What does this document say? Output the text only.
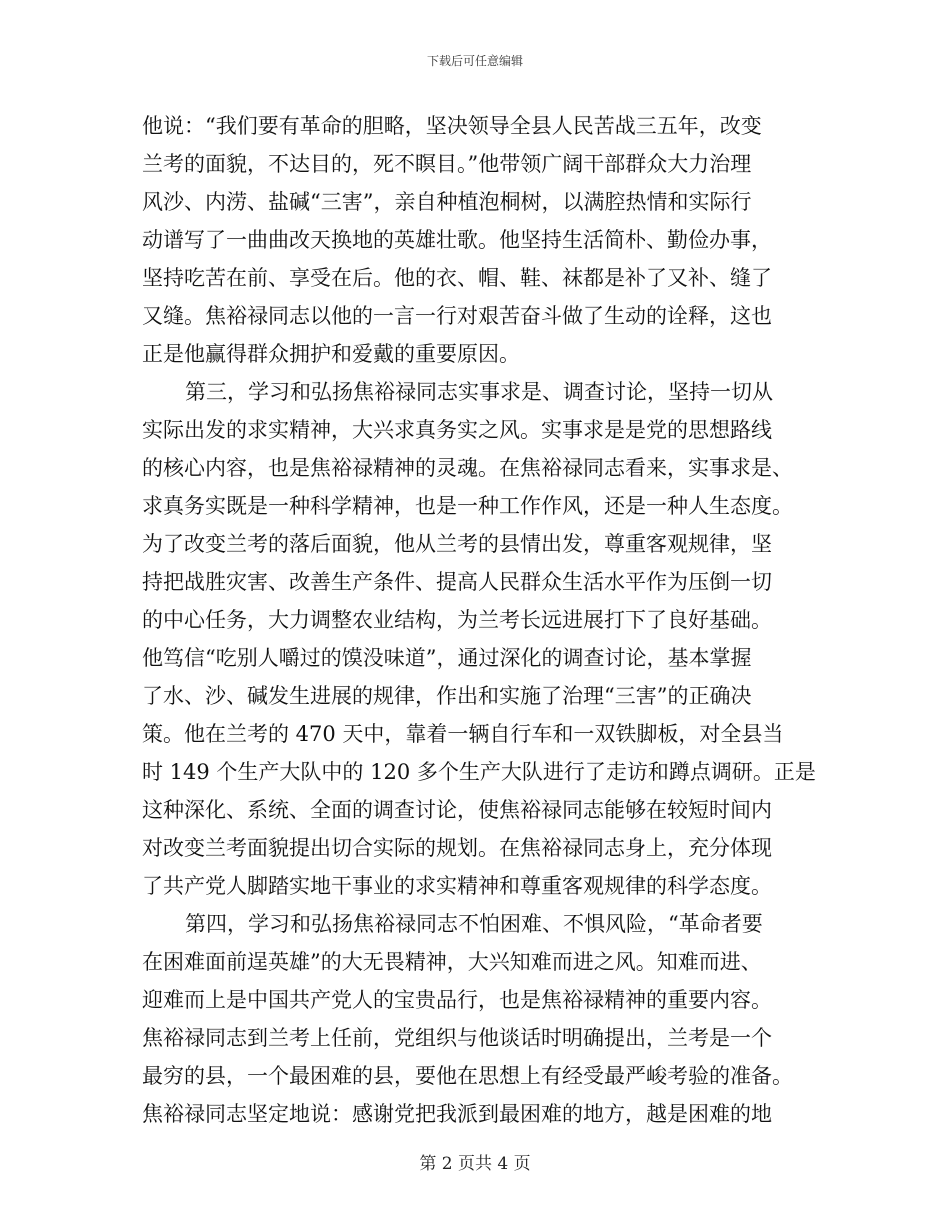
下载后可任意编辑
他说：“我们要有革命的胆略，坚决领导全县人民苦战三五年，改变
兰考的面貌，不达目的，死不瞑目。”他带领广阔干部群众大力治理
风沙、内涝、盐碱“三害”，亲自种植泡桐树，以满腔热情和实际行
动谱写了一曲曲改天换地的英雄壮歌。他坚持生活简朴、勤俭办事，
坚持吃苦在前、享受在后。他的衣、帽、鞋、袜都是补了又补、缝了
又缝。焦裕禄同志以他的一言一行对艰苦奋斗做了生动的诠释，这也
正是他赢得群众拥护和爱戴的重要原因。
第三，学习和弘扬焦裕禄同志实事求是、调查讨论，坚持一切从
实际出发的求实精神，大兴求真务实之风。实事求是是党的思想路线
的核心内容，也是焦裕禄精神的灵魂。在焦裕禄同志看来，实事求是、
求真务实既是一种科学精神，也是一种工作作风，还是一种人生态度。
为了改变兰考的落后面貌，他从兰考的县情出发，尊重客观规律，坚
持把战胜灾害、改善生产条件、提高人民群众生活水平作为压倒一切
的中心任务，大力调整农业结构，为兰考长远进展打下了良好基础。
他笃信“吃别人嚼过的馍没味道”，通过深化的调查讨论，基本掌握
了水、沙、碱发生进展的规律，作出和实施了治理“三害”的正确决
策。他在兰考的 470 天中，靠着一辆自行车和一双铁脚板，对全县当
时 149 个生产大队中的 120 多个生产大队进行了走访和蹲点调研。正是
这种深化、系统、全面的调查讨论，使焦裕禄同志能够在较短时间内
对改变兰考面貌提出切合实际的规划。在焦裕禄同志身上，充分体现
了共产党人脚踏实地干事业的求实精神和尊重客观规律的科学态度。
第四，学习和弘扬焦裕禄同志不怕困难、不惧风险，“革命者要
在困难面前逞英雄”的大无畏精神，大兴知难而进之风。知难而进、
迎难而上是中国共产党人的宝贵品行，也是焦裕禄精神的重要内容。
焦裕禄同志到兰考上任前，党组织与他谈话时明确提出，兰考是一个
最穷的县，一个最困难的县，要他在思想上有经受最严峻考验的准备。
焦裕禄同志坚定地说：感谢党把我派到最困难的地方，越是困难的地
第 2 页共 4 页
